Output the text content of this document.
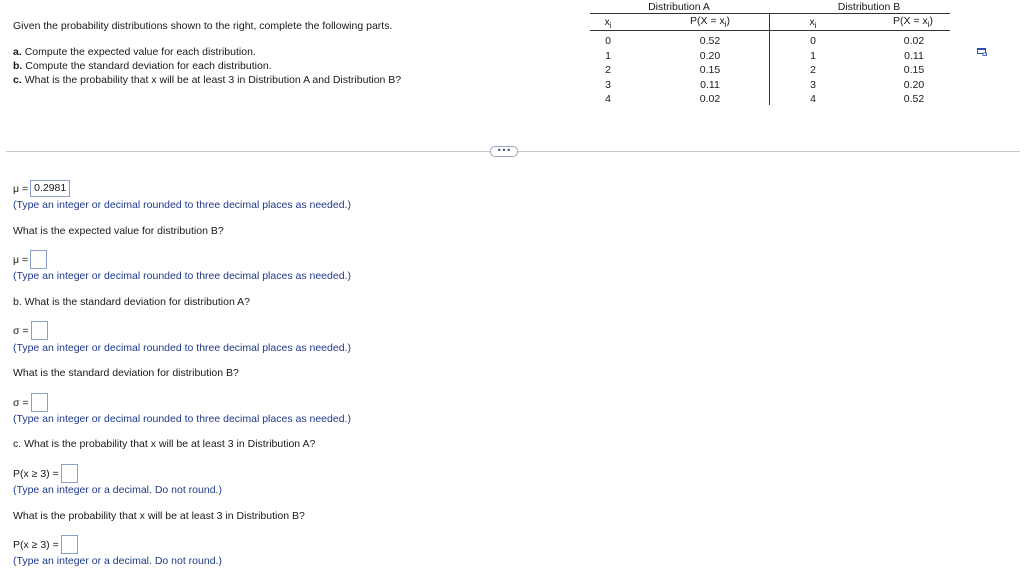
Given the probability distributions shown to the right, complete the following parts.
a. Compute the expected value for each distribution.
b. Compute the standard deviation for each distribution.
c. What is the probability that x will be at least 3 in Distribution A and Distribution B?
Distribution A
$x_i$	$P(X = x_i)$
0
1
2
3
4
0.52
0.20
0.15
0.11
0.02
Distribution B
$x_i$	$P(X = x_i)$
0
1
2
3
4
0.02
0.11
0.15
0.20
0.52
•••
μ = 0.2981
(Type an integer or decimal rounded to three decimal places as needed.)
What is the expected value for distribution B?
μ =
(Type an integer or decimal rounded to three decimal places as needed.)
b. What is the standard deviation for distribution A?
σ =
(Type an integer or decimal rounded to three decimal places as needed.)
What is the standard deviation for distribution B?
σ =
(Type an integer or decimal rounded to three decimal places as needed.)
c. What is the probability that x will be at least 3 in Distribution A?
P(x ≥ 3) =
(Type an integer or a decimal. Do not round.)
What is the probability that x will be at least 3 in Distribution B?
P(x ≥ 3) =
(Type an integer or a decimal. Do not round.)
